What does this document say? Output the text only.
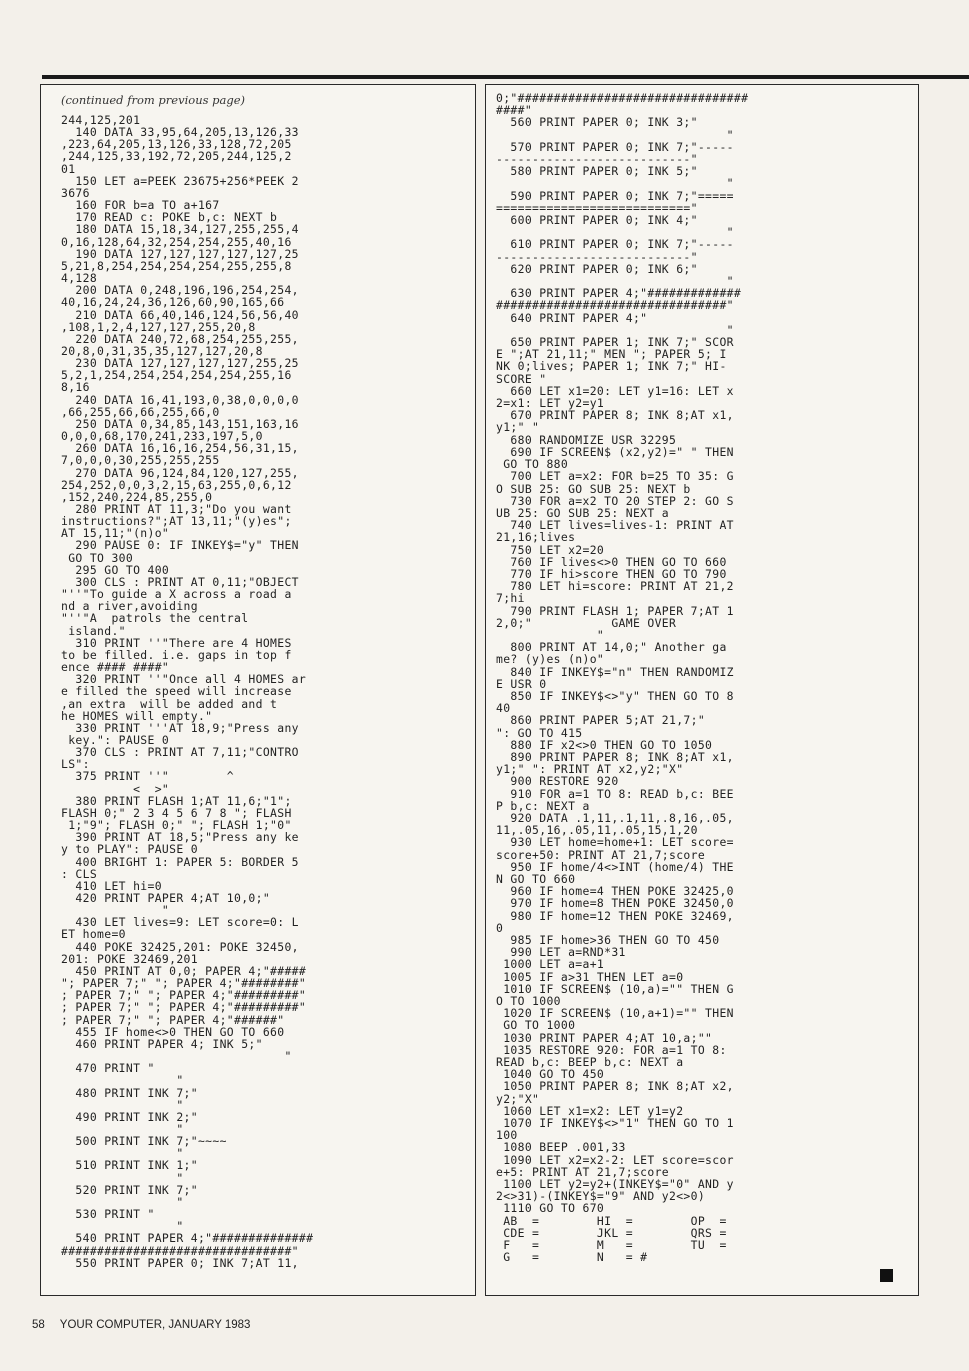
(continued from previous page)
244,125,201
140 DATA 33,95,64,205,13,126,33
,223,64,205,13,126,33,128,72,205
,244,125,33,192,72,205,244,125,2
01
150 LET a=PEEK 23675+256*PEEK 2
3676
160 FOR b=a TO a+167
170 READ c: POKE b,c: NEXT b
180 DATA 15,18,34,127,255,255,4
0,16,128,64,32,254,254,255,40,16
190 DATA 127,127,127,127,127,25
5,21,8,254,254,254,254,255,255,8
4,128
200 DATA 0,248,196,196,254,254,
40,16,24,24,36,126,60,90,165,66
210 DATA 66,40,146,124,56,56,40
,108,1,2,4,127,127,255,20,8
220 DATA 240,72,68,254,255,255,
20,8,0,31,35,35,127,127,20,8
230 DATA 127,127,127,127,255,25
5,2,1,254,254,254,254,254,255,16
8,16
240 DATA 16,41,193,0,38,0,0,0,0
,66,255,66,66,255,66,0
250 DATA 0,34,85,143,151,163,16
0,0,0,68,170,241,233,197,5,0
260 DATA 16,16,16,254,56,31,15,
7,0,0,0,30,255,255,255
270 DATA 96,124,84,120,127,255,
254,252,0,0,3,2,15,63,255,0,6,12
,152,240,224,85,255,0
280 PRINT AT 11,3;"Do you want
instructions?";AT 13,11;"(y)es";
AT 15,11;"(n)o"
290 PAUSE 0: IF INKEY$="y" THEN
GO TO 300
295 GO TO 400
300 CLS : PRINT AT 0,11;"OBJECT
"''"To guide a X across a road a
nd a river,avoiding
"''"A  patrols the central
island."
310 PRINT ''"There are 4 HOMES
to be filled. i.e. gaps in top f
ence #### ####"
320 PRINT ''"Once all 4 HOMES ar
e filled the speed will increase
,an extra  will be added and t
he HOMES will empty."
330 PRINT '''AT 18,9;"Press any
key.": PAUSE 0
370 CLS : PRINT AT 7,11;"CONTRO
LS":
375 PRINT ''"        ^
<  >"
380 PRINT FLASH 1;AT 11,6;"1";
FLASH 0;" 2 3 4 5 6 7 8 "; FLASH
1;"9"; FLASH 0;" "; FLASH 1;"0"
390 PRINT AT 18,5;"Press any ke
y to PLAY": PAUSE 0
400 BRIGHT 1: PAPER 5: BORDER 5
: CLS
410 LET hi=0
420 PRINT PAPER 4;AT 10,0;"
"
430 LET lives=9: LET score=0: L
ET home=0
440 POKE 32425,201: POKE 32450,
201: POKE 32469,201
450 PRINT AT 0,0; PAPER 4;"#####
"; PAPER 7;" "; PAPER 4;"########"
; PAPER 7;" "; PAPER 4;"#########"
; PAPER 7;" "; PAPER 4;"#########"
; PAPER 7;" "; PAPER 4;"######"
455 IF home<>0 THEN GO TO 660
460 PRINT PAPER 4; INK 5;"
"
470 PRINT "
"
480 PRINT INK 7;"
"
490 PRINT INK 2;"
"
500 PRINT INK 7;"~~~~
"
510 PRINT INK 1;"
"
520 PRINT INK 7;"
"
530 PRINT "
"
540 PRINT PAPER 4;"##############
################################"
550 PRINT PAPER 0; INK 7;AT 11,

0;"################################
####"
560 PRINT PAPER 0; INK 3;"
"
570 PRINT PAPER 0; INK 7;"-----
---------------------------"
580 PRINT PAPER 0; INK 5;"
"
590 PRINT PAPER 0; INK 7;"=====
==========================="
600 PRINT PAPER 0; INK 4;"
"
610 PRINT PAPER 0; INK 7;"-----
---------------------------"
620 PRINT PAPER 0; INK 6;"
"
630 PRINT PAPER 4;"#############
################################"
640 PRINT PAPER 4;"
"
650 PRINT PAPER 1; INK 7;" SCOR
E ";AT 21,11;" MEN "; PAPER 5; I
NK 0;lives; PAPER 1; INK 7;" HI-
SCORE "
660 LET x1=20: LET y1=16: LET x
2=x1: LET y2=y1
670 PRINT PAPER 8; INK 8;AT x1,
y1;" "
680 RANDOMIZE USR 32295
690 IF SCREEN$ (x2,y2)=" " THEN
GO TO 880
700 LET a=x2: FOR b=25 TO 35: G
O SUB 25: GO SUB 25: NEXT b
730 FOR a=x2 TO 20 STEP 2: GO S
UB 25: GO SUB 25: NEXT a
740 LET lives=lives-1: PRINT AT
21,16;lives
750 LET x2=20
760 IF lives<>0 THEN GO TO 660
770 IF hi>score THEN GO TO 790
780 LET hi=score: PRINT AT 21,2
7;hi
790 PRINT FLASH 1; PAPER 7;AT 1
2,0;"           GAME OVER
"
800 PRINT AT 14,0;" Another ga
me? (y)es (n)o"
840 IF INKEY$="n" THEN RANDOMIZ
E USR 0
850 IF INKEY$<>"y" THEN GO TO 8
40
860 PRINT PAPER 5;AT 21,7;"
": GO TO 415
880 IF x2<>0 THEN GO TO 1050
890 PRINT PAPER 8; INK 8;AT x1,
y1;" ": PRINT AT x2,y2;"X"
900 RESTORE 920
910 FOR a=1 TO 8: READ b,c: BEE
P b,c: NEXT a
920 DATA .1,11,.1,11,.8,16,.05,
11,.05,16,.05,11,.05,15,1,20
930 LET home=home+1: LET score=
score+50: PRINT AT 21,7;score
950 IF home/4<>INT (home/4) THE
N GO TO 660
960 IF home=4 THEN POKE 32425,0
970 IF home=8 THEN POKE 32450,0
980 IF home=12 THEN POKE 32469,
0
985 IF home>36 THEN GO TO 450
990 LET a=RND*31
1000 LET a=a+1
1005 IF a>31 THEN LET a=0
1010 IF SCREEN$ (10,a)="" THEN G
O TO 1000
1020 IF SCREEN$ (10,a+1)="" THEN
GO TO 1000
1030 PRINT PAPER 4;AT 10,a;""
1035 RESTORE 920: FOR a=1 TO 8:
READ b,c: BEEP b,c: NEXT a
1040 GO TO 450
1050 PRINT PAPER 8; INK 8;AT x2,
y2;"X"
1060 LET x1=x2: LET y1=y2
1070 IF INKEY$<>"1" THEN GO TO 1
100
1080 BEEP .001,33
1090 LET x2=x2-2: LET score=scor
e+5: PRINT AT 21,7;score
1100 LET y2=y2+(INKEY$="0" AND y
2<>31)-(INKEY$="9" AND y2<>0)
1110 GO TO 670
AB  =        HI  =        OP  =
CDE =        JKL =        QRS =
F   =        M   =        TU  =
G   =        N   = #

58 YOUR COMPUTER, JANUARY 1983
